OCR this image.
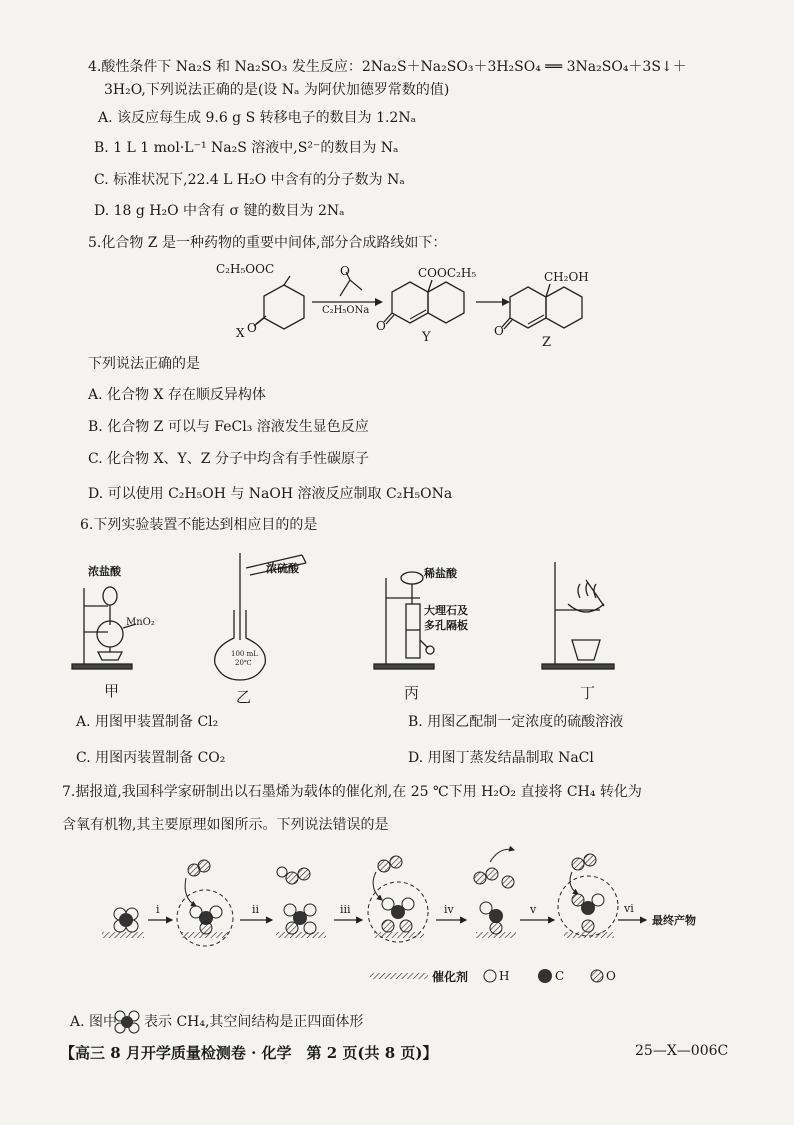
4.酸性条件下 Na₂S 和 Na₂SO₃ 发生反应：2Na₂S＋Na₂SO₃＋3H₂SO₄ ══ 3Na₂SO₄＋3S↓＋
3H₂O,下列说法正确的是(设 Nₐ 为阿伏加德罗常数的值)
A. 该反应每生成 9.6 g S 转移电子的数目为 1.2Nₐ
B. 1 L 1 mol·L⁻¹ Na₂S 溶液中,S²⁻的数目为 Nₐ
C. 标准状况下,22.4 L H₂O 中含有的分子数为 Nₐ
D. 18 g H₂O 中含有 σ 键的数目为 2Nₐ
5.化合物 Z 是一种药物的重要中间体,部分合成路线如下：
C₂H₅OOC
O
X
O
C₂H₅ONa
COOC₂H₅
O
Y
CH₂OH
O
Z
下列说法正确的是
A. 化合物 X 存在顺反异构体
B. 化合物 Z 可以与 FeCl₃ 溶液发生显色反应
C. 化合物 X、Y、Z 分子中均含有手性碳原子
D. 可以使用 C₂H₅OH 与 NaOH 溶液反应制取 C₂H₅ONa
6.下列实验装置不能达到相应目的的是
浓盐酸
MnO₂
浓硫酸
100 mL
20℃
稀盐酸
大理石及
多孔隔板
甲	乙	丙	丁
A. 用图甲装置制备 Cl₂	B. 用图乙配制一定浓度的硫酸溶液
C. 用图丙装置制备 CO₂	D. 用图丁蒸发结晶制取 NaCl
7.据报道,我国科学家研制出以石墨烯为载体的催化剂,在 25 ℃下用 H₂O₂ 直接将 CH₄ 转化为
含氧有机物,其主要原理如图所示。下列说法错误的是
i	ii	iii	iv	v	vi
最终产物
催化剂	H	C	O
A. 图中 表示 CH₄,其空间结构是正四面体形
【高三 8 月开学质量检测卷 · 化学　第 2 页(共 8 页)】	25—X—006C
